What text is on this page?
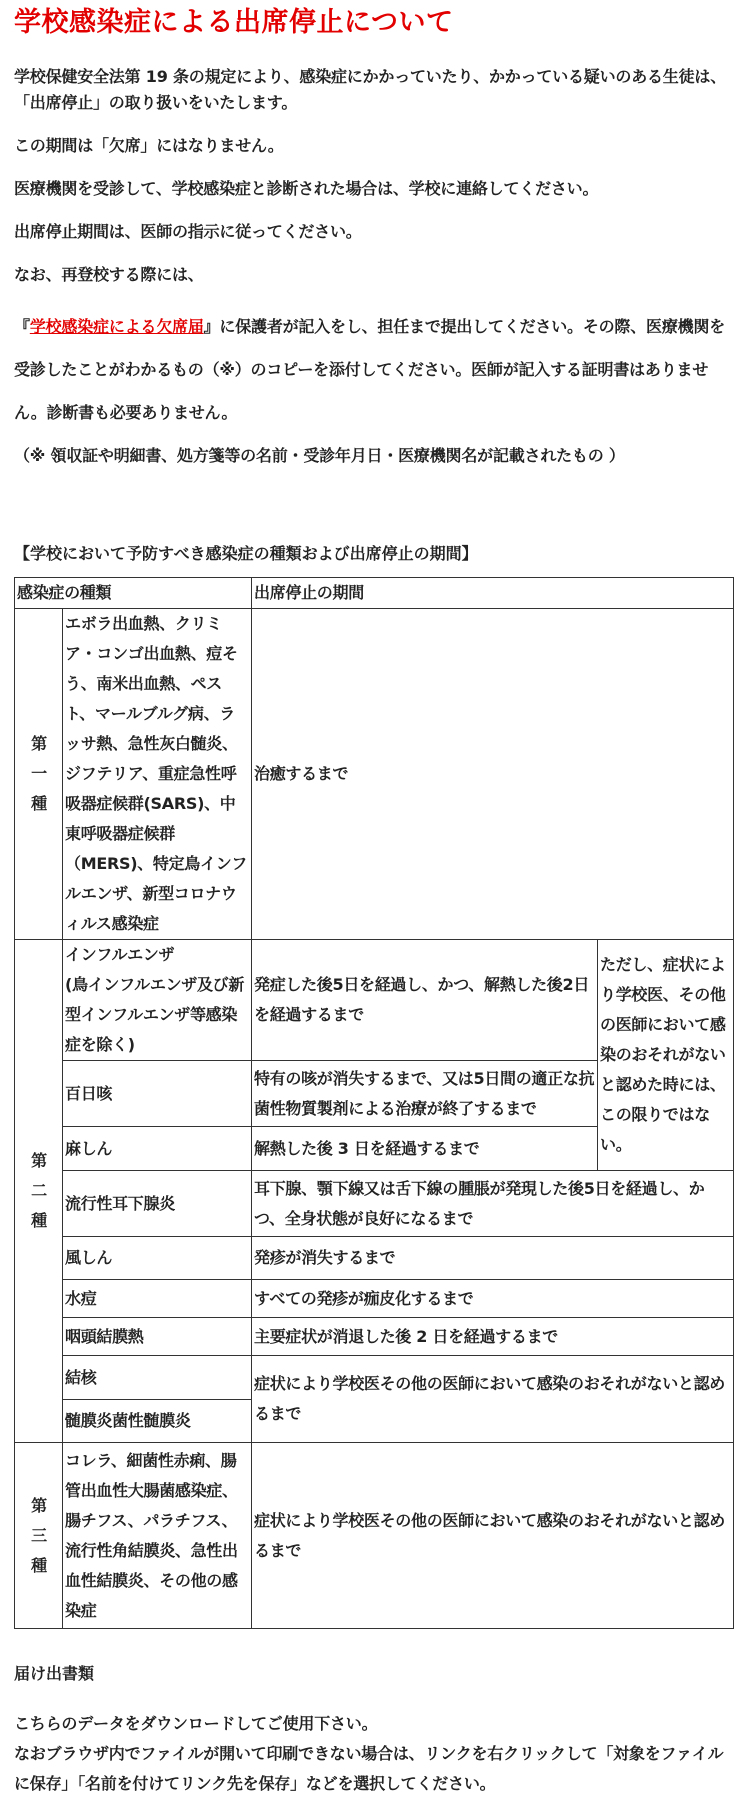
学校感染症による出席停止について

学校保健安全法第 19 条の規定により、感染症にかかっていたり、かかっている疑いのある生徒は、「出席停止」の取り扱いをいたします。

この期間は「欠席」にはなりません。

医療機関を受診して、学校感染症と診断された場合は、学校に連絡してください。

出席停止期間は、医師の指示に従ってください。

なお、再登校する際には、

『学校感染症による欠席届』に保護者が記入をし、担任まで提出してください。その際、医療機関を受診したことがわかるもの（※）のコピーを添付してください。医師が記入する証明書はありません。診断書も必要ありません。

（※ 領収証や明細書、処方箋等の名前・受診年月日・医療機関名が記載されたもの ）

【学校において予防すべき感染症の種類および出席停止の期間】
感染症の種類		出席停止の期間	

第
一
種	エボラ出血熱、クリミア・コンゴ出血熱、痘そう、南米出血熱、ペスト、マールブルグ病、ラッサ熱、急性灰白髄炎、ジフテリア、重症急性呼吸器症候群(SARS)、中東呼吸器症候群（MERS)、特定鳥インフルエンザ、新型コロナウィルス感染症	治癒するまで	

第
二
種	インフルエンザ
(鳥インフルエンザ及び新型インフルエンザ等感染症を除く)	発症した後5日を経過し、かつ、解熱した後2日を経過するまで	ただし、症状により学校医、その他の医師において感染のおそれがないと認めた時には、この限りではない。
	百日咳	特有の咳が消失するまで、又は5日間の適正な抗菌性物質製剤による治療が終了するまで	
	麻しん	解熱した後 3 日を経過するまで	
	流行性耳下腺炎	耳下腺、顎下線又は舌下線の腫脹が発現した後5日を経過し、かつ、全身状態が良好になるまで	
	風しん	発疹が消失するまで	
	水痘	すべての発疹が痂皮化するまで	
	咽頭結膜熱	主要症状が消退した後 2 日を経過するまで	
	結核	症状により学校医その他の医師において感染のおそれがないと認めるまで	
	髄膜炎菌性髄膜炎		

第
三
種	コレラ、細菌性赤痢、腸管出血性大腸菌感染症、腸チフス、パラチフス、流行性角結膜炎、急性出血性結膜炎、その他の感染症	症状により学校医その他の医師において感染のおそれがないと認めるまで	
届け出書類

こちらのデータをダウンロードしてご使用下さい。

なおブラウザ内でファイルが開いて印刷できない場合は、リンクを右クリックして「対象をファイルに保存」「名前を付けてリンク先を保存」などを選択してください。
